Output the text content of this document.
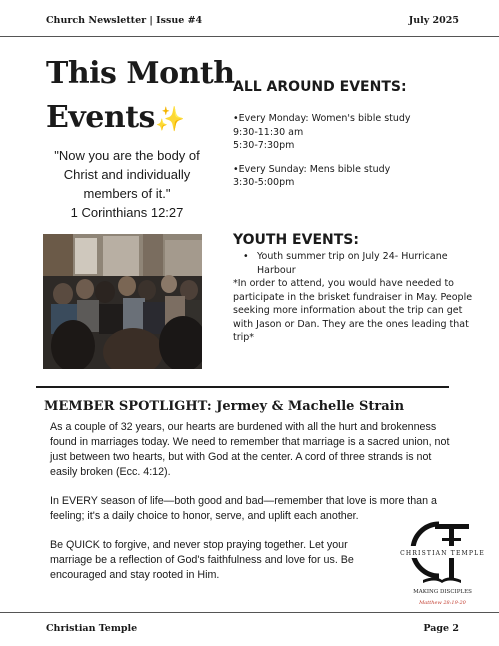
Church Newsletter | Issue #4	July 2025
This Month
Events✨
"Now you are the body of Christ and individually members of it."
1 Corinthians 12:27
ALL AROUND EVENTS:

•Every Monday: Women's bible study
9:30-11:30 am
5:30-7:30pm

•Every Sunday: Mens bible study
3:30-5:00pm

YOUTH EVENTS:
• Youth summer trip on July 24- Hurricane Harbour
*In order to attend, you would have needed to participate in the brisket fundraiser in May. People seeking more information about the trip can get with Jason or Dan. They are the ones leading that trip*
MEMBER SPOTLIGHT: Jermey & Machelle Strain

As a couple of 32 years, our hearts are burdened with all the hurt and brokenness found in marriages today. We need to remember that marriage is a sacred union, not just between two hearts, but with God at the center. A cord of three strands is not easily broken (Ecc. 4:12).

In EVERY season of life—both good and bad—remember that love is more than a feeling; it's a daily choice to honor, serve, and uplift each another.

Be QUICK to forgive, and never stop praying together. Let your marriage be a reflection of God's faithfulness and love for us. Be encouraged and stay rooted in Him.

CHRISTIAN TEMPLE
MAKING DISCIPLES
Matthew 28:19-20
Christian Temple	Page 2
